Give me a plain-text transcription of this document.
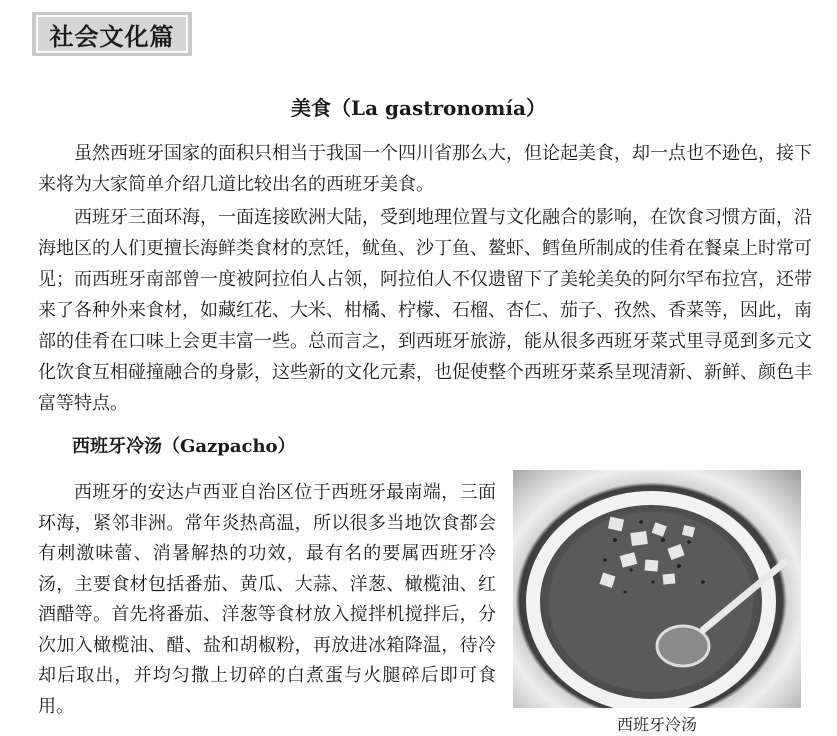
社会文化篇
美食（La gastronomía）

虽然西班牙国家的面积只相当于我国一个四川省那么大，但论起美食，却一点也不逊色，接下来将为大家简单介绍几道比较出名的西班牙美食。

西班牙三面环海，一面连接欧洲大陆，受到地理位置与文化融合的影响，在饮食习惯方面，沿海地区的人们更擅长海鲜类食材的烹饪，鱿鱼、沙丁鱼、鳌虾、鳕鱼所制成的佳肴在餐桌上时常可见；而西班牙南部曾一度被阿拉伯人占领，阿拉伯人不仅遗留下了美轮美奂的阿尔罕布拉宫，还带来了各种外来食材，如藏红花、大米、柑橘、柠檬、石榴、杏仁、茄子、孜然、香菜等，因此，南部的佳肴在口味上会更丰富一些。总而言之，到西班牙旅游，能从很多西班牙菜式里寻觅到多元文化饮食互相碰撞融合的身影，这些新的文化元素，也促使整个西班牙菜系呈现清新、新鲜、颜色丰富等特点。

西班牙冷汤（Gazpacho）

西班牙的安达卢西亚自治区位于西班牙最南端，三面环海，紧邻非洲。常年炎热高温，所以很多当地饮食都会有刺激味蕾、消暑解热的功效，最有名的要属西班牙冷汤，主要食材包括番茄、黄瓜、大蒜、洋葱、橄榄油、红酒醋等。首先将番茄、洋葱等食材放入搅拌机搅拌后，分次加入橄榄油、醋、盐和胡椒粉，再放进冰箱降温，待冷却后取出，并均匀撒上切碎的白煮蛋与火腿碎后即可食用。

西班牙冷汤
